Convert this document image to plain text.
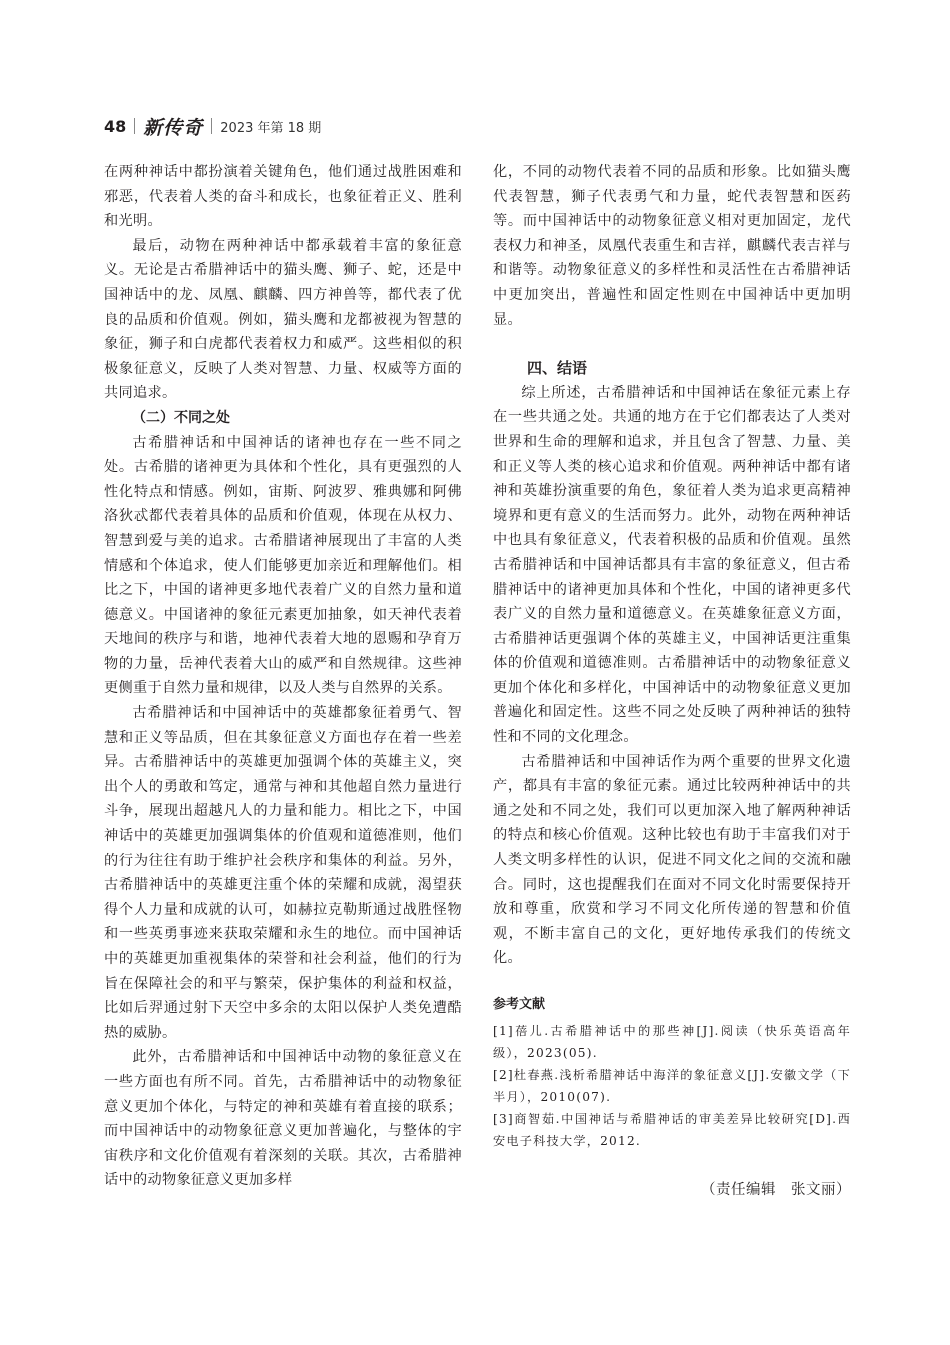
48 新传奇 2023 年第 18 期

在两种神话中都扮演着关键角色，他们通过战胜困难和邪恶，代表着人类的奋斗和成长，也象征着正义、胜利和光明。

最后，动物在两种神话中都承载着丰富的象征意义。无论是古希腊神话中的猫头鹰、狮子、蛇，还是中国神话中的龙、凤凰、麒麟、四方神兽等，都代表了优良的品质和价值观。例如，猫头鹰和龙都被视为智慧的象征，狮子和白虎都代表着权力和威严。这些相似的积极象征意义，反映了人类对智慧、力量、权威等方面的共同追求。

（二）不同之处

古希腊神话和中国神话的诸神也存在一些不同之处。古希腊的诸神更为具体和个性化，具有更强烈的人性化特点和情感。例如，宙斯、阿波罗、雅典娜和阿佛洛狄忒都代表着具体的品质和价值观，体现在从权力、智慧到爱与美的追求。古希腊诸神展现出了丰富的人类情感和个体追求，使人们能够更加亲近和理解他们。相比之下，中国的诸神更多地代表着广义的自然力量和道德意义。中国诸神的象征元素更加抽象，如天神代表着天地间的秩序与和谐，地神代表着大地的恩赐和孕育万物的力量，岳神代表着大山的威严和自然规律。这些神更侧重于自然力量和规律，以及人类与自然界的关系。

古希腊神话和中国神话中的英雄都象征着勇气、智慧和正义等品质，但在其象征意义方面也存在着一些差异。古希腊神话中的英雄更加强调个体的英雄主义，突出个人的勇敢和笃定，通常与神和其他超自然力量进行斗争，展现出超越凡人的力量和能力。相比之下，中国神话中的英雄更加强调集体的价值观和道德准则，他们的行为往往有助于维护社会秩序和集体的利益。另外，古希腊神话中的英雄更注重个体的荣耀和成就，渴望获得个人力量和成就的认可，如赫拉克勒斯通过战胜怪物和一些英勇事迹来获取荣耀和永生的地位。而中国神话中的英雄更加重视集体的荣誉和社会利益，他们的行为旨在保障社会的和平与繁荣，保护集体的利益和权益，比如后羿通过射下天空中多余的太阳以保护人类免遭酷热的威胁。

此外，古希腊神话和中国神话中动物的象征意义在一些方面也有所不同。首先，古希腊神话中的动物象征意义更加个体化，与特定的神和英雄有着直接的联系；而中国神话中的动物象征意义更加普遍化，与整体的宇宙秩序和文化价值观有着深刻的关联。其次，古希腊神话中的动物象征意义更加多样

化，不同的动物代表着不同的品质和形象。比如猫头鹰代表智慧，狮子代表勇气和力量，蛇代表智慧和医药等。而中国神话中的动物象征意义相对更加固定，龙代表权力和神圣，凤凰代表重生和吉祥，麒麟代表吉祥与和谐等。动物象征意义的多样性和灵活性在古希腊神话中更加突出，普遍性和固定性则在中国神话中更加明显。

四、结语

综上所述，古希腊神话和中国神话在象征元素上存在一些共通之处。共通的地方在于它们都表达了人类对世界和生命的理解和追求，并且包含了智慧、力量、美和正义等人类的核心追求和价值观。两种神话中都有诸神和英雄扮演重要的角色，象征着人类为追求更高精神境界和更有意义的生活而努力。此外，动物在两种神话中也具有象征意义，代表着积极的品质和价值观。虽然古希腊神话和中国神话都具有丰富的象征意义，但古希腊神话中的诸神更加具体和个性化，中国的诸神更多代表广义的自然力量和道德意义。在英雄象征意义方面，古希腊神话更强调个体的英雄主义，中国神话更注重集体的价值观和道德准则。古希腊神话中的动物象征意义更加个体化和多样化，中国神话中的动物象征意义更加普遍化和固定性。这些不同之处反映了两种神话的独特性和不同的文化理念。

古希腊神话和中国神话作为两个重要的世界文化遗产，都具有丰富的象征元素。通过比较两种神话中的共通之处和不同之处，我们可以更加深入地了解两种神话的特点和核心价值观。这种比较也有助于丰富我们对于人类文明多样性的认识，促进不同文化之间的交流和融合。同时，这也提醒我们在面对不同文化时需要保持开放和尊重，欣赏和学习不同文化所传递的智慧和价值观，不断丰富自己的文化，更好地传承我们的传统文化。

参考文献

[1]蓓儿.古希腊神话中的那些神[J].阅读（快乐英语高年级），2023(05).

[2]杜春燕.浅析希腊神话中海洋的象征意义[J].安徽文学（下半月），2010(07).

[3]商智茹.中国神话与希腊神话的审美差异比较研究[D].西安电子科技大学，2012.

（责任编辑　张文丽）
